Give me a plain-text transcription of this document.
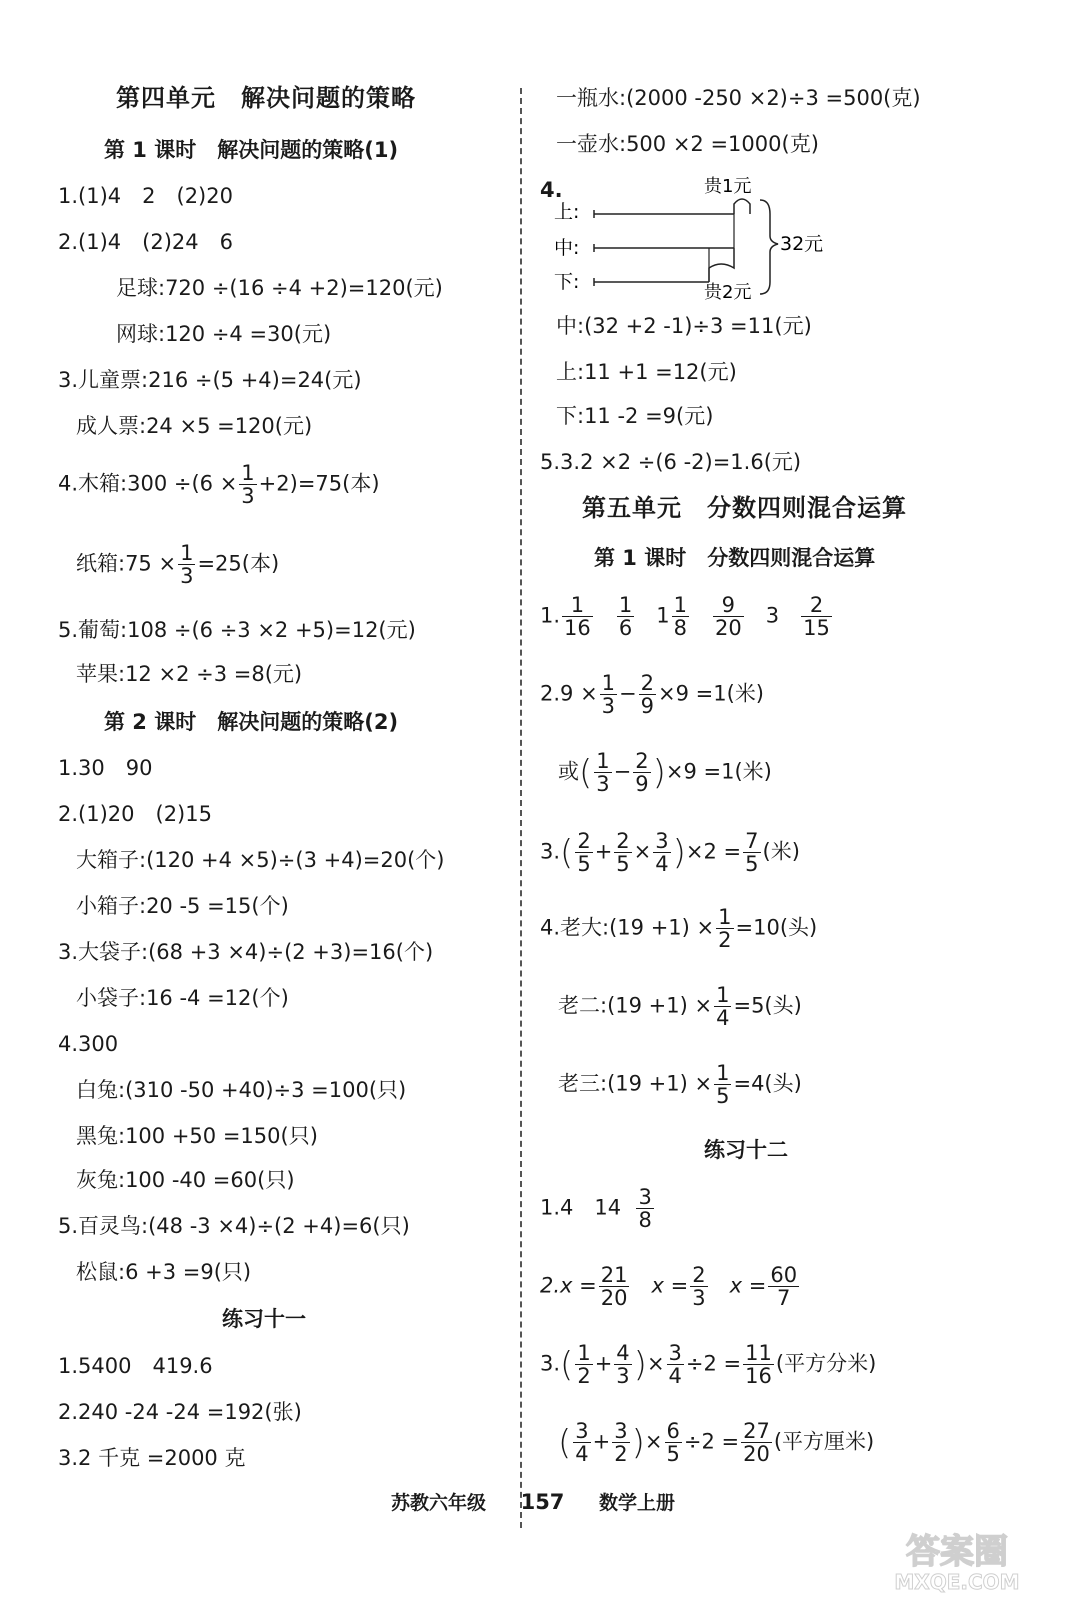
第四单元　解决问题的策略
第 1 课时　解决问题的策略(1)
1.(1)4　2　(2)20
2.(1)4　(2)24　6
足球:720 ÷(16 ÷4 +2)=120(元)
网球:120 ÷4 =30(元)
3.儿童票:216 ÷(5 +4)=24(元)
成人票:24 ×5 =120(元)
4.木箱:300 $\div(6 \times \frac{1}{3} +2)=75$(本)
纸箱:75 × $\frac{1}{3} =25$(本)
5.葡萄:108 ÷(6 ÷3 ×2 +5)=12(元)
苹果:12 ×2 ÷3 =8(元)
第 2 课时　解决问题的策略(2)
1.30　90
2.(1)20　(2)15
大箱子:(120 +4 ×5)÷(3 +4)=20(个)
小箱子:20 -5 =15(个)
3.大袋子:(68 +3 ×4)÷(2 +3)=16(个)
小袋子:16 -4 =12(个)
4.300
白兔:(310 -50 +40)÷3 =100(只)
黑兔:100 +50 =150(只)
灰兔:100 -40 =60(只)
5.百灵鸟:(48 -3 ×4)÷(2 +4)=6(只)
松鼠:6 +3 =9(只)
练习十一
1.5400　419.6
2.240 -24 -24 =192(张)
3.2 千克 =2000 克
一瓶水:(2000 -250 ×2)÷3 =500(克)
一壶水:500 ×2 =1000(克)
4.	贵1元
上:
中:
下:	贵2元
32元
中:(32 +2 -1)÷3 =11(元)
上:11 +1 =12(元)
下:11 -2 =9(元)
5.3.2 ×2 ÷(6 -2)=1.6(元)
第五单元　分数四则混合运算
第 1 课时　分数四则混合运算
1. $\frac{1}{16}$
$\frac{1}{6} 1 \frac{1}{8}$
$\frac{9}{20} 3 \frac{2}{15}$
$2.9 \times \frac{1}{3} - \frac{2}{9} \times 9 =1$(米)
或( $\frac{1}{3} - \frac{2}{9} )\times 9 =1$(米)
$3.( \frac{2}{5} + \frac{2}{5} \times \frac{3}{4} )\times 2 = \frac{7}{5}$ (米)
4.老大:(19 $+1) \times \frac{1}{2} =10$(头)
老二:(19 $+1) \times \frac{1}{4} =5$(头)
老三:(19 $+1) \times \frac{1}{5} =4$(头)
练习十二
1.4　$14 \frac{3}{8}$
$2.x = \frac{21}{20}$ $x = \frac{2}{3}$ $x = \frac{60}{7}$
$3.( \frac{1}{2} + \frac{4}{3}$ )× $\frac{3}{4} \div 2 = \frac{11}{16}$ (平方分米)
( $\frac{3}{4} + \frac{3}{2}$ )× $\frac{6}{5} \div 2 = \frac{27}{20}$ (平方厘米)
苏教六年级 157 数学上册
答案圈
MXQE.COM
